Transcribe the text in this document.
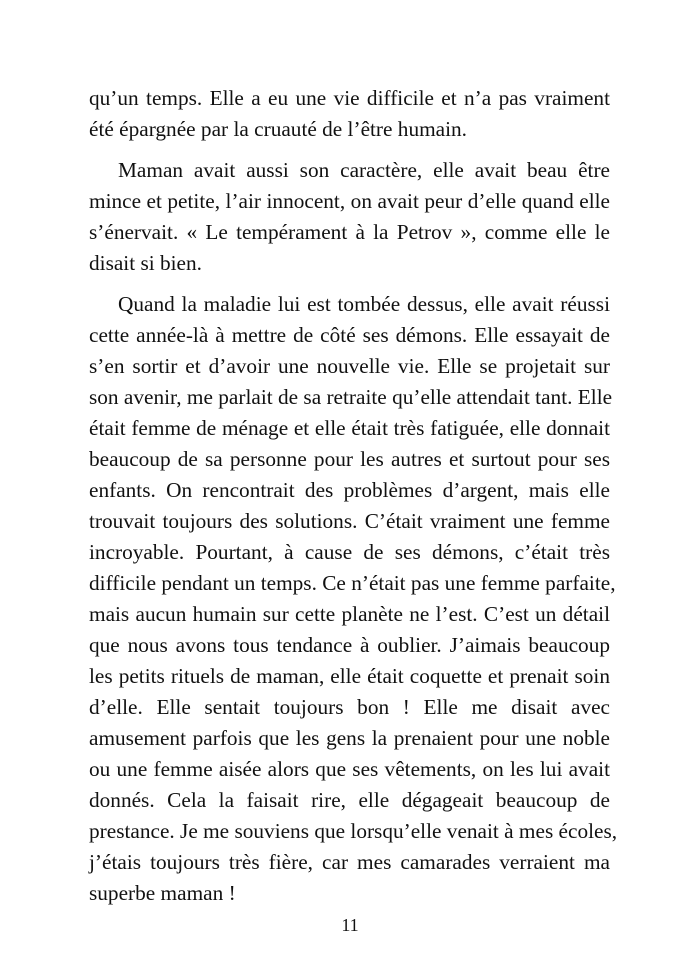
qu’un temps. Elle a eu une vie difficile et n’a pas vraiment
été épargnée par la cruauté de l’être humain.
Maman avait aussi son caractère, elle avait beau être
mince et petite, l’air innocent, on avait peur d’elle quand elle
s’énervait. « Le tempérament à la Petrov », comme elle le
disait si bien.
Quand la maladie lui est tombée dessus, elle avait réussi
cette année-là à mettre de côté ses démons. Elle essayait de
s’en sortir et d’avoir une nouvelle vie. Elle se projetait sur
son avenir, me parlait de sa retraite qu’elle attendait tant. Elle
était femme de ménage et elle était très fatiguée, elle donnait
beaucoup de sa personne pour les autres et surtout pour ses
enfants. On rencontrait des problèmes d’argent, mais elle
trouvait toujours des solutions. C’était vraiment une femme
incroyable. Pourtant, à cause de ses démons, c’était très
difficile pendant un temps. Ce n’était pas une femme parfaite,
mais aucun humain sur cette planète ne l’est. C’est un détail
que nous avons tous tendance à oublier. J’aimais beaucoup
les petits rituels de maman, elle était coquette et prenait soin
d’elle. Elle sentait toujours bon ! Elle me disait avec
amusement parfois que les gens la prenaient pour une noble
ou une femme aisée alors que ses vêtements, on les lui avait
donnés. Cela la faisait rire, elle dégageait beaucoup de
prestance. Je me souviens que lorsqu’elle venait à mes écoles,
j’étais toujours très fière, car mes camarades verraient ma
superbe maman !
11
